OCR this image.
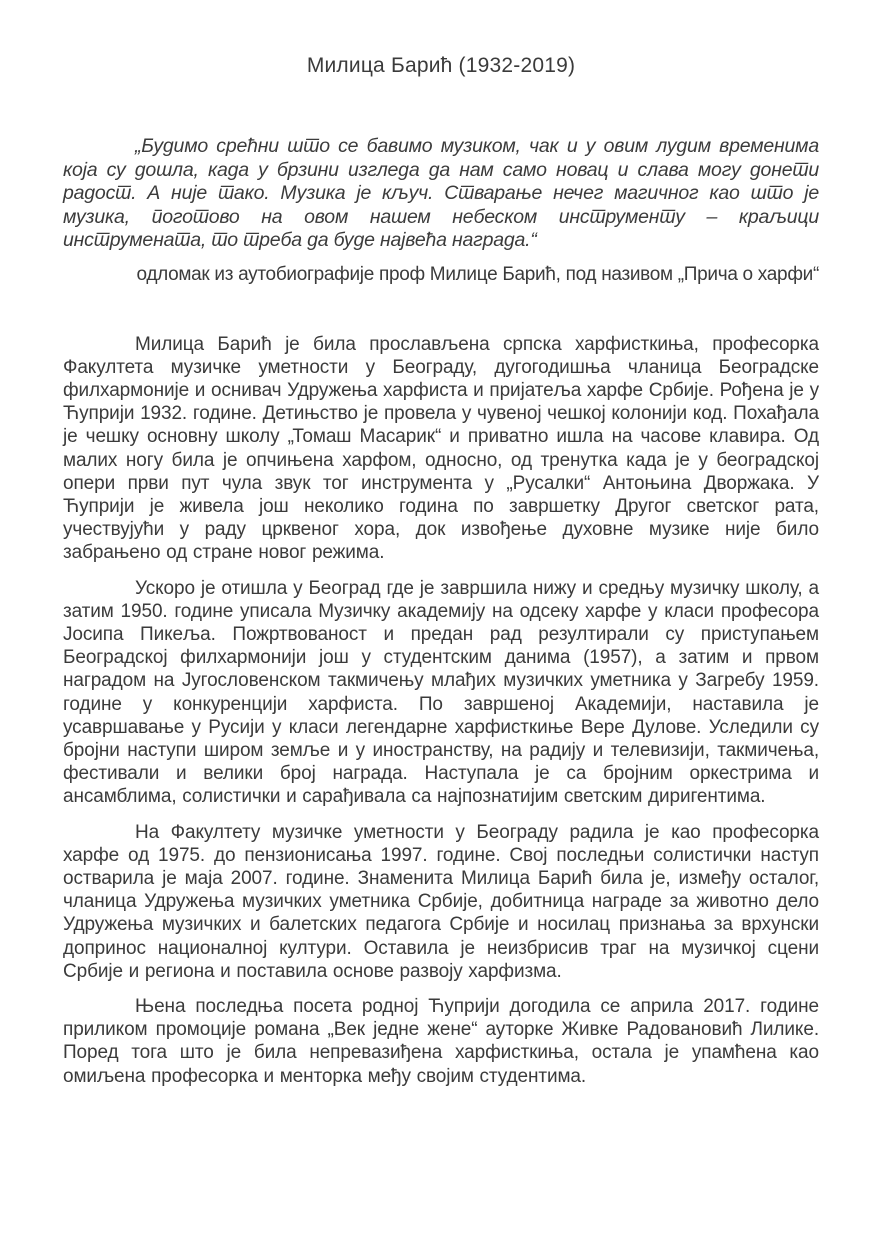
Милица Барић (1932-2019)

„Будимо срећни што се бавимо музиком, чак и у овим лудим временима која су дошла, када у брзини изгледа да нам само новац и слава могу донети радост. А није тако. Музика је кључ. Стварање нечег магичног као што је музика, поготово на овом нашем небеском инструменту – краљици инструмената, то треба да буде највећа награда.“

одломак из аутобиографије проф Милице Барић, под називом „Прича о харфи“

Милица Барић је била прослављена српска харфисткиња, професорка Факултета музичке уметности у Београду, дугогодишња чланица Београдске филхармоније и оснивач Удружења харфиста и пријатеља харфе Србије. Рођена је у Ћуприји 1932. године. Детињство је провела у чувеној чешкој колонији код. Похађала је чешку основну школу „Томаш Масарик“ и приватно ишла на часове клавира. Од малих ногу била је опчињена харфом, односно, од тренутка када је у београдској опери први пут чула звук тог инструмента у „Русалки“ Антоњина Дворжака. У Ћуприји је живела још неколико година по завршетку Другог светског рата, учествујући у раду црквеног хора, док извођење духовне музике није било забрањено од стране новог режима.

Ускоро је отишла у Београд где је завршила нижу и средњу музичку школу, а затим 1950. године уписала Музичку академију на одсеку харфе у класи професора Јосипа Пикеља. Пожртвованост и предан рад резултирали су приступањем Београдској филхармонији још у студентским данима (1957), а затим и првом наградом на Југословенском такмичењу млађих музичких уметника у Загребу 1959. године у конкуренцији харфиста. По завршеној Академији, наставила је усавршавање у Русији у класи легендарне харфисткиње Вере Дулове. Уследили су бројни наступи широм земље и у иностранству, на радију и телевизији, такмичења, фестивали и велики број награда. Наступала је са бројним оркестрима и ансамблима, солистички и сарађивала са најпознатијим светским диригентима.

На Факултету музичке уметности у Београду радила је као професорка харфе од 1975. до пензионисања 1997. године. Свој последњи солистички наступ остварила је маја 2007. године. Знаменита Милица Барић била је, између осталог, чланица Удружења музичких уметника Србије, добитница награде за животно дело Удружења музичких и балетских педагога Србије и носилац признања за врхунски допринос националној култури. Оставила је неизбрисив траг на музичкој сцени Србије и региона и поставила основе развоју харфизма.

Њена последња посета родној Ћуприји догодила се априла 2017. године приликом промоције романа „Век једне жене“ ауторке Живке Радовановић Лилике. Поред тога што је била непревазиђена харфисткиња, остала је упамћена као омиљена професорка и менторка међу својим студентима.
